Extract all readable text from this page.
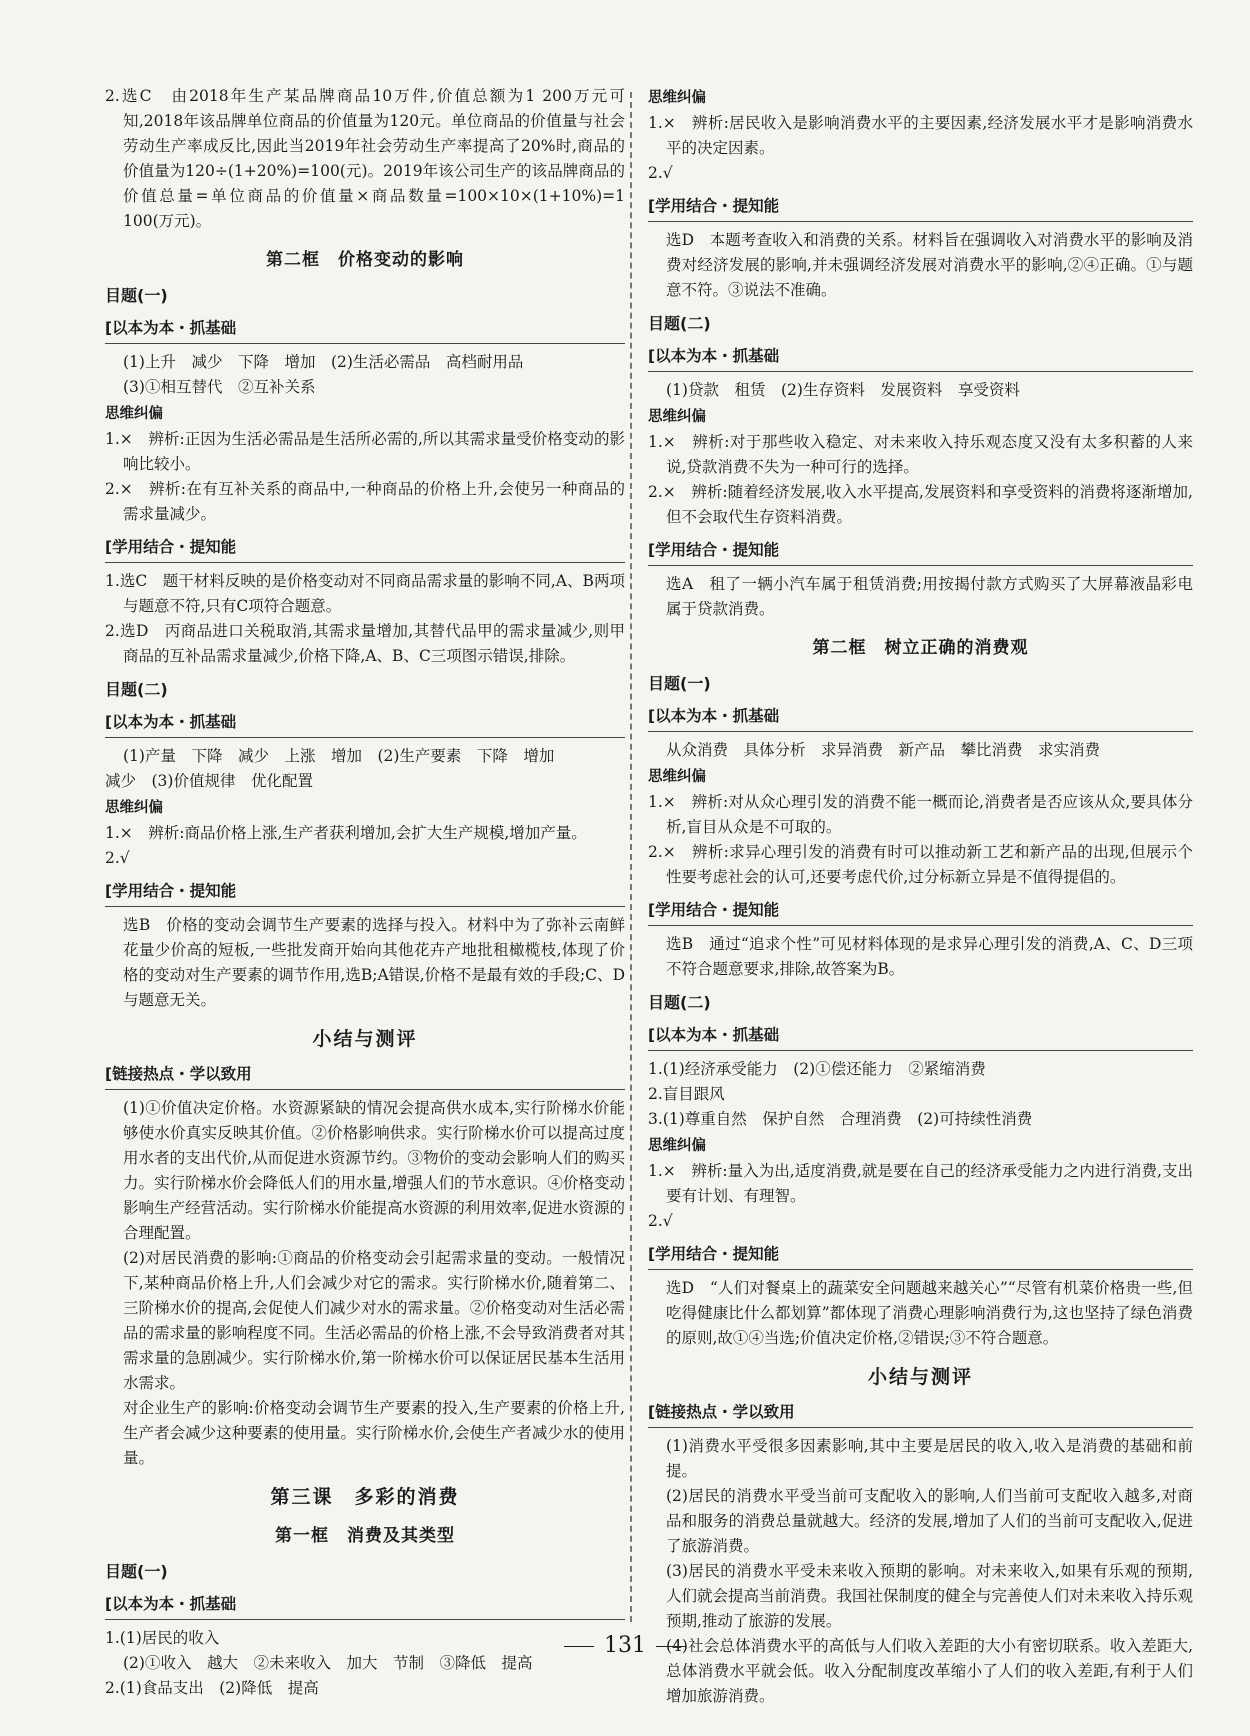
2.选C　由2018年生产某品牌商品10万件,价值总额为1 200万元可知,2018年该品牌单位商品的价值量为120元。单位商品的价值量与社会劳动生产率成反比,因此当2019年社会劳动生产率提高了20%时,商品的价值量为120÷(1+20%)=100(元)。2019年该公司生产的该品牌商品的价值总量=单位商品的价值量×商品数量=100×10×(1+10%)=1 100(万元)。

第二框　价格变动的影响
目题(一)
[ 以本为本・抓基础

(1)上升　减少　下降　增加　(2)生活必需品　高档耐用品

(3)①相互替代　②互补关系

思维纠偏

1.×　辨析:正因为生活必需品是生活所必需的,所以其需求量受价格变动的影响比较小。

2.×　辨析:在有互补关系的商品中,一种商品的价格上升,会使另一种商品的需求量减少。

[ 学用结合・提知能

1.选C　题干材料反映的是价格变动对不同商品需求量的影响不同,A、B两项与题意不符,只有C项符合题意。

2.选D　丙商品进口关税取消,其需求量增加,其替代品甲的需求量减少,则甲商品的互补品需求量减少,价格下降,A、B、C三项图示错误,排除。

目题(二)
[ 以本为本・抓基础

(1)产量　下降　减少　上涨　增加　(2)生产要素　下降　增加

减少　(3)价值规律　优化配置

思维纠偏

1.×　辨析:商品价格上涨,生产者获利增加,会扩大生产规模,增加产量。

2.√

[ 学用结合・提知能

选B　价格的变动会调节生产要素的选择与投入。材料中为了弥补云南鲜花量少价高的短板,一些批发商开始向其他花卉产地批租橄榄枝,体现了价格的变动对生产要素的调节作用,选B;A错误,价格不是最有效的手段;C、D与题意无关。

小结与测评
[ 链接热点・学以致用

(1)①价值决定价格。水资源紧缺的情况会提高供水成本,实行阶梯水价能够使水价真实反映其价值。②价格影响供求。实行阶梯水价可以提高过度用水者的支出代价,从而促进水资源节约。③物价的变动会影响人们的购买力。实行阶梯水价会降低人们的用水量,增强人们的节水意识。④价格变动影响生产经营活动。实行阶梯水价能提高水资源的利用效率,促进水资源的合理配置。

(2)对居民消费的影响:①商品的价格变动会引起需求量的变动。一般情况下,某种商品价格上升,人们会减少对它的需求。实行阶梯水价,随着第二、三阶梯水价的提高,会促使人们减少对水的需求量。②价格变动对生活必需品的需求量的影响程度不同。生活必需品的价格上涨,不会导致消费者对其需求量的急剧减少。实行阶梯水价,第一阶梯水价可以保证居民基本生活用水需求。

对企业生产的影响:价格变动会调节生产要素的投入,生产要素的价格上升,生产者会减少这种要素的使用量。实行阶梯水价,会使生产者减少水的使用量。

第三课　多彩的消费
第一框　消费及其类型
目题(一)
[ 以本为本・抓基础

1.(1)居民的收入

(2)①收入　越大　②未来收入　加大　节制　③降低　提高

2.(1)食品支出　(2)降低　提高

思维纠偏

1.×　辨析:居民收入是影响消费水平的主要因素,经济发展水平才是影响消费水平的决定因素。

2.√

[ 学用结合・提知能

选D　本题考查收入和消费的关系。材料旨在强调收入对消费水平的影响及消费对经济发展的影响,并未强调经济发展对消费水平的影响,②④正确。①与题意不符。③说法不准确。

目题(二)
[ 以本为本・抓基础

(1)贷款　租赁　(2)生存资料　发展资料　享受资料

思维纠偏

1.×　辨析:对于那些收入稳定、对未来收入持乐观态度又没有太多积蓄的人来说,贷款消费不失为一种可行的选择。

2.×　辨析:随着经济发展,收入水平提高,发展资料和享受资料的消费将逐渐增加,但不会取代生存资料消费。

[ 学用结合・提知能

选A　租了一辆小汽车属于租赁消费;用按揭付款方式购买了大屏幕液晶彩电属于贷款消费。

第二框　树立正确的消费观
目题(一)
[ 以本为本・抓基础

从众消费　具体分析　求异消费　新产品　攀比消费　求实消费

思维纠偏

1.×　辨析:对从众心理引发的消费不能一概而论,消费者是否应该从众,要具体分析,盲目从众是不可取的。

2.×　辨析:求异心理引发的消费有时可以推动新工艺和新产品的出现,但展示个性要考虑社会的认可,还要考虑代价,过分标新立异是不值得提倡的。

[ 学用结合・提知能

选B　通过“追求个性”可见材料体现的是求异心理引发的消费,A、C、D三项不符合题意要求,排除,故答案为B。

目题(二)
[ 以本为本・抓基础

1.(1)经济承受能力　(2)①偿还能力　②紧缩消费

2.盲目跟风

3.(1)尊重自然　保护自然　合理消费　(2)可持续性消费

思维纠偏

1.×　辨析:量入为出,适度消费,就是要在自己的经济承受能力之内进行消费,支出要有计划、有理智。

2.√

[ 学用结合・提知能

选D　“人们对餐桌上的蔬菜安全问题越来越关心”“尽管有机菜价格贵一些,但吃得健康比什么都划算”都体现了消费心理影响消费行为,这也坚持了绿色消费的原则,故①④当选;价值决定价格,②错误;③不符合题意。

小结与测评
[ 链接热点・学以致用

(1)消费水平受很多因素影响,其中主要是居民的收入,收入是消费的基础和前提。

(2)居民的消费水平受当前可支配收入的影响,人们当前可支配收入越多,对商品和服务的消费总量就越大。经济的发展,增加了人们的当前可支配收入,促进了旅游消费。

(3)居民的消费水平受未来收入预期的影响。对未来收入,如果有乐观的预期,人们就会提高当前消费。我国社保制度的健全与完善使人们对未来收入持乐观预期,推动了旅游的发展。

(4)社会总体消费水平的高低与人们收入差距的大小有密切联系。收入差距大,总体消费水平就会低。收入分配制度改革缩小了人们的收入差距,有利于人们增加旅游消费。

131
